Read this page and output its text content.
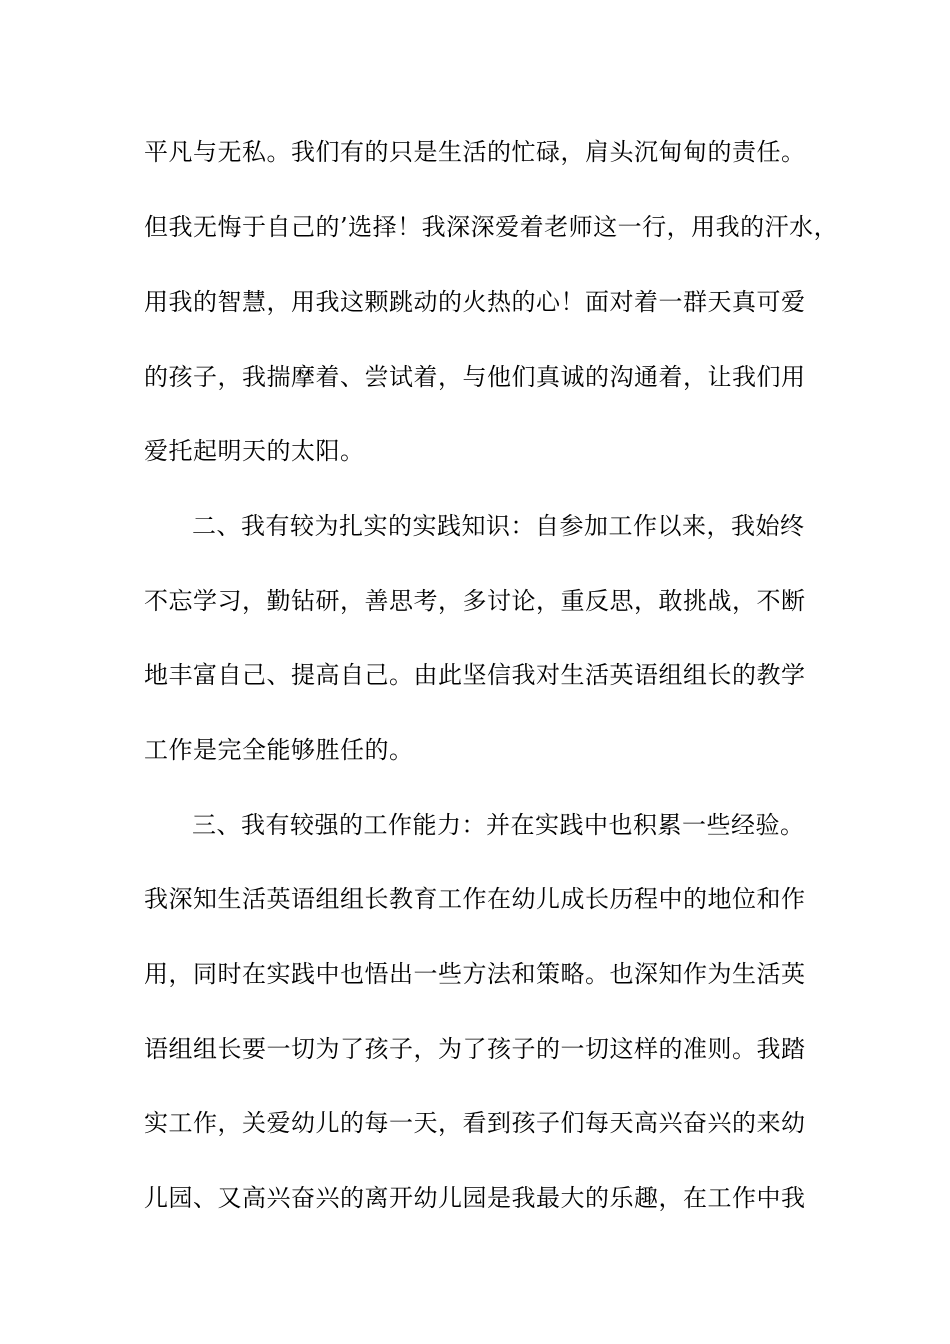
平凡与无私。我们有的只是生活的忙碌，肩头沉甸甸的责任。
但我无悔于自己的’选择！我深深爱着老师这一行，用我的汗水，
用我的智慧，用我这颗跳动的火热的心！面对着一群天真可爱
的孩子，我揣摩着、尝试着，与他们真诚的沟通着，让我们用
爱托起明天的太阳。
二、我有较为扎实的实践知识：自参加工作以来，我始终
不忘学习，勤钻研，善思考，多讨论，重反思，敢挑战，不断
地丰富自己、提高自己。由此坚信我对生活英语组组长的教学
工作是完全能够胜任的。
三、我有较强的工作能力：并在实践中也积累一些经验。
我深知生活英语组组长教育工作在幼儿成长历程中的地位和作
用，同时在实践中也悟出一些方法和策略。也深知作为生活英
语组组长要一切为了孩子，为了孩子的一切这样的准则。我踏
实工作，关爱幼儿的每一天，看到孩子们每天高兴奋兴的来幼
儿园、又高兴奋兴的离开幼儿园是我最大的乐趣，在工作中我
